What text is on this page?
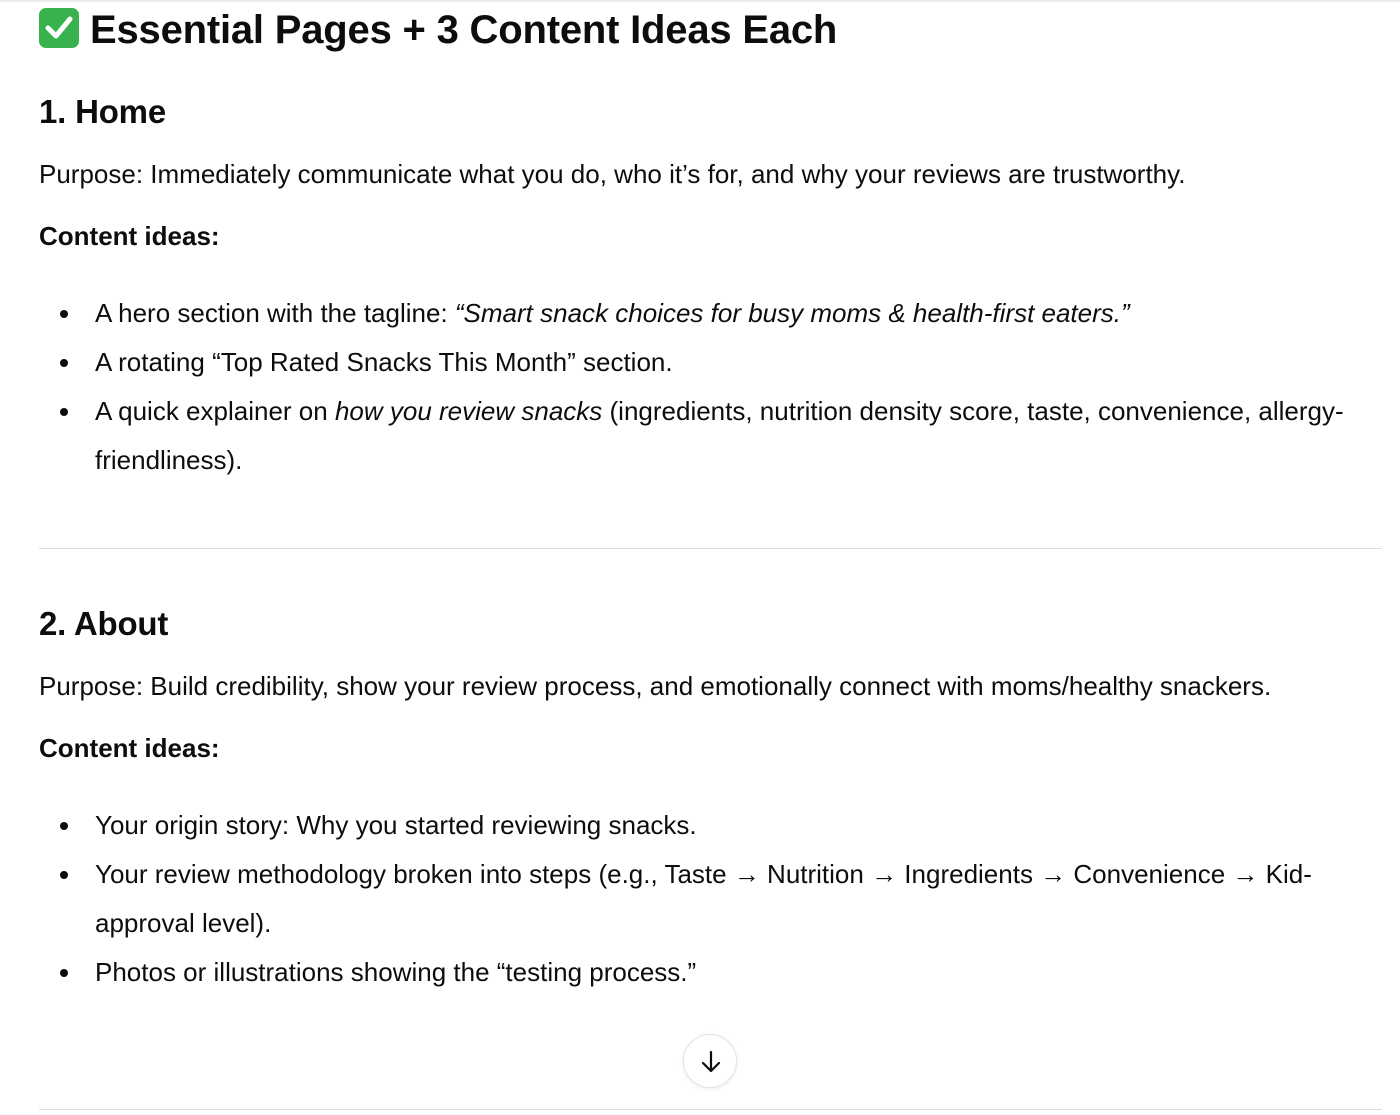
Essential Pages + 3 Content Ideas Each
1. Home

Purpose: Immediately communicate what you do, who it’s for, and why your reviews are trustworthy.

Content ideas:

A hero section with the tagline: “Smart snack choices for busy moms & health-first eaters.”
A rotating “Top Rated Snacks This Month” section.
A quick explainer on how you review snacks (ingredients, nutrition density score, taste, convenience, allergy-friendliness).
2. About

Purpose: Build credibility, show your review process, and emotionally connect with moms/healthy snackers.

Content ideas:

Your origin story: Why you started reviewing snacks.
Your review methodology broken into steps (e.g., Taste → Nutrition → Ingredients → Convenience → Kid-approval level).
Photos or illustrations showing the “testing process.”
